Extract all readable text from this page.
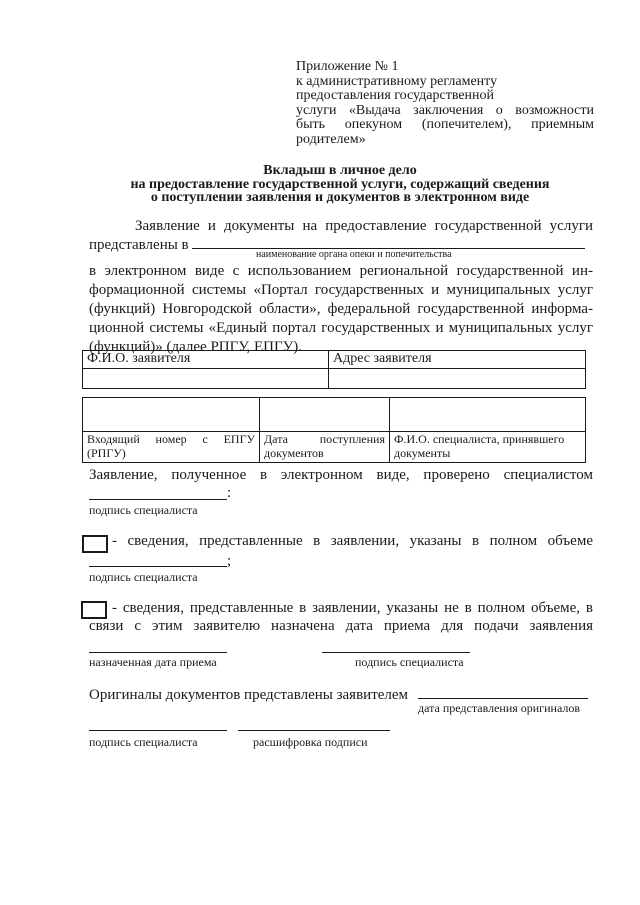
Приложение № 1
к административному регламенту
предоставления государственной
услуги «Выдача заключения о возможности
быть опекуном (попечителем), приемным
родителем»
Вкладыш в личное дело
на предоставление государственной услуги, содержащий сведения
о поступлении заявления и документов в электронном виде
Заявление и документы на предоставление государственной услуги
представлены в
наименование органа опеки и попечительства
в электронном виде с использованием региональной государственной ин-
формационной системы «Портал государственных и муниципальных услуг
(функций) Новгородской области», федеральной государственной информа-
ционной системы «Единый портал государственных и муниципальных услуг
(функций)» (далее РПГУ, ЕПГУ).
Ф.И.О. заявителя	Адрес заявителя

Входящий номер с ЕПГУ (РПГУ)	Дата поступления документов	Ф.И.О. специалиста, принявшего документы
Заявление, полученное в электронном виде, проверено специалистом
:
подпись специалиста
- сведения, представленные в заявлении, указаны в полном объеме
;
подпись специалиста
- сведения, представленные в заявлении, указаны не в полном объеме, в
связи с этим заявителю назначена дата приема для подачи заявления
назначенная дата приема	подпись специалиста
Оригиналы документов представлены заявителем
дата представления оригиналов
подпись специалиста	расшифровка подписи
